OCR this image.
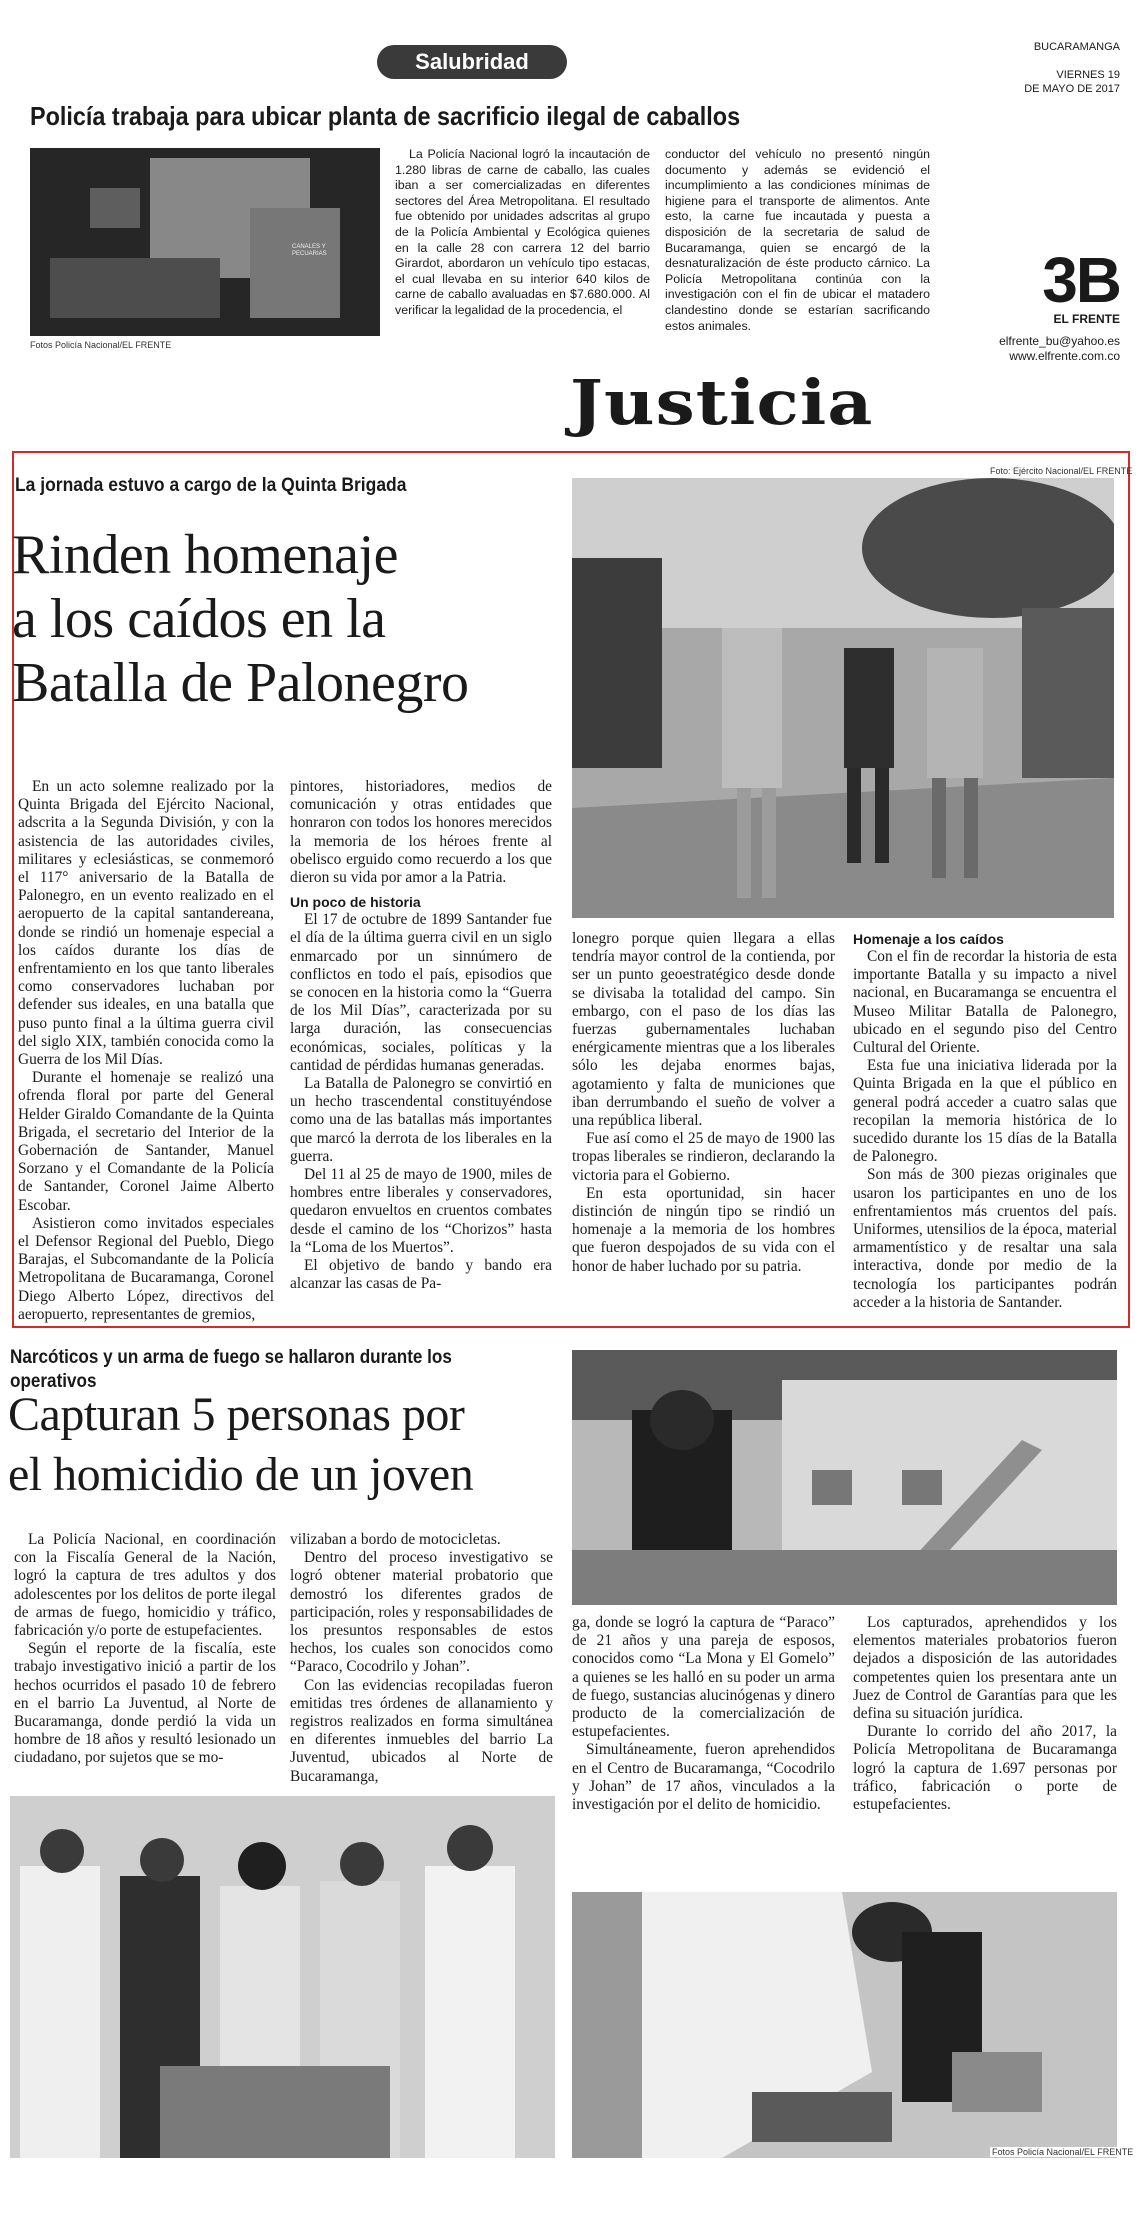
BUCARAMANGA
VIERNES 19
DE MAYO DE 2017
3B
EL FRENTE
elfrente_bu@yahoo.es
www.elfrente.com.co
Justicia
Salubridad
Policía trabaja para ubicar planta de sacrificio ilegal de caballos
CANALES Y PECUARIAS
Fotos Policía Nacional/EL FRENTE

La Policía Nacional logró la incautación de 1.280 libras de carne de caballo, las cuales iban a ser comercializadas en diferentes sectores del Área Metropolitana. El resultado fue obtenido por unidades adscritas al grupo de la Policía Ambiental y Ecológica quienes en la calle 28 con carrera 12 del barrio Girardot, abordaron un vehículo tipo estacas, el cual llevaba en su interior 640 kilos de carne de caballo avaluadas en $7.680.000. Al verificar la legalidad de la procedencia, el

conductor del vehículo no presentó ningún documento y además se evidenció el incumplimiento a las condiciones mínimas de higiene para el transporte de alimentos. Ante esto, la carne fue incautada y puesta a disposición de la secretaria de salud de Bucaramanga, quien se encargó de la desnaturalización de éste producto cárnico. La Policía Metropolitana continúa con la investigación con el fin de ubicar el matadero clandestino donde se estarían sacrificando estos animales.

La jornada estuvo a cargo de la Quinta Brigada
Rinden homenaje
a los caídos en la
Batalla de Palonegro
Foto: Ejército Nacional/EL FRENTE

En un acto solemne realizado por la Quinta Brigada del Ejército Nacional, adscrita a la Segunda División, y con la asistencia de las autoridades civiles, militares y eclesiásticas, se conmemoró el 117° aniversario de la Batalla de Palonegro, en un evento realizado en el aeropuerto de la capital santandereana, donde se rindió un homenaje especial a los caídos durante los días de enfrentamiento en los que tanto liberales como conservadores luchaban por defender sus ideales, en una batalla que puso punto final a la última guerra civil del siglo XIX, también conocida como la Guerra de los Mil Días.

Durante el homenaje se realizó una ofrenda floral por parte del General Helder Giraldo Comandante de la Quinta Brigada, el secretario del Interior de la Gobernación de Santander, Manuel Sorzano y el Comandante de la Policía de Santander, Coronel Jaime Alberto Escobar.

Asistieron como invitados especiales el Defensor Regional del Pueblo, Diego Barajas, el Subcomandante de la Policía Metropolitana de Bucaramanga, Coronel Diego Alberto López, directivos del aeropuerto, representantes de gremios,

pintores, historiadores, medios de comunicación y otras entidades que honraron con todos los honores merecidos la memoria de los héroes frente al obelisco erguido como recuerdo a los que dieron su vida por amor a la Patria.

Un poco de historia

El 17 de octubre de 1899 Santander fue el día de la última guerra civil en un siglo enmarcado por un sinnúmero de conflictos en todo el país, episodios que se conocen en la historia como la “Guerra de los Mil Días”, caracterizada por su larga duración, las consecuencias económicas, sociales, políticas y la cantidad de pérdidas humanas generadas.

La Batalla de Palonegro se convirtió en un hecho trascendental constituyéndose como una de las batallas más importantes que marcó la derrota de los liberales en la guerra.

Del 11 al 25 de mayo de 1900, miles de hombres entre liberales y conservadores, quedaron envueltos en cruentos combates desde el camino de los “Chorizos” hasta la “Loma de los Muertos”.

El objetivo de bando y bando era alcanzar las casas de Pa-

lonegro porque quien llegara a ellas tendría mayor control de la contienda, por ser un punto geoestratégico desde donde se divisaba la totalidad del campo. Sin embargo, con el paso de los días las fuerzas gubernamentales luchaban enérgicamente mientras que a los liberales sólo les dejaba enormes bajas, agotamiento y falta de municiones que iban derrumbando el sueño de volver a una república liberal.

Fue así como el 25 de mayo de 1900 las tropas liberales se rindieron, declarando la victoria para el Gobierno.

En esta oportunidad, sin hacer distinción de ningún tipo se rindió un homenaje a la memoria de los hombres que fueron despojados de su vida con el honor de haber luchado por su patria.

Homenaje a los caídos

Con el fin de recordar la historia de esta importante Batalla y su impacto a nivel nacional, en Bucaramanga se encuentra el Museo Militar Batalla de Palonegro, ubicado en el segundo piso del Centro Cultural del Oriente.

Esta fue una iniciativa liderada por la Quinta Brigada en la que el público en general podrá acceder a cuatro salas que recopilan la memoria histórica de lo sucedido durante los 15 días de la Batalla de Palonegro.

Son más de 300 piezas originales que usaron los participantes en uno de los enfrentamientos más cruentos del país. Uniformes, utensilios de la época, material armamentístico y de resaltar una sala interactiva, donde por medio de la tecnología los participantes podrán acceder a la historia de Santander.

Narcóticos y un arma de fuego se hallaron durante los operativos
Capturan 5 personas por
el homicidio de un joven

La Policía Nacional, en coordinación con la Fiscalía General de la Nación, logró la captura de tres adultos y dos adolescentes por los delitos de porte ilegal de armas de fuego, homicidio y tráfico, fabricación y/o porte de estupefacientes.

Según el reporte de la fiscalía, este trabajo investigativo inició a partir de los hechos ocurridos el pasado 10 de febrero en el barrio La Juventud, al Norte de Bucaramanga, donde perdió la vida un hombre de 18 años y resultó lesionado un ciudadano, por sujetos que se mo-

vilizaban a bordo de motocicletas.

Dentro del proceso investigativo se logró obtener material probatorio que demostró los diferentes grados de participación, roles y responsabilidades de los presuntos responsables de estos hechos, los cuales son conocidos como “Paraco, Cocodrilo y Johan”.

Con las evidencias recopiladas fueron emitidas tres órdenes de allanamiento y registros realizados en forma simultánea en diferentes inmuebles del barrio La Juventud, ubicados al Norte de Bucaramanga,

ga, donde se logró la captura de “Paraco” de 21 años y una pareja de esposos, conocidos como “La Mona y El Gomelo” a quienes se les halló en su poder un arma de fuego, sustancias alucinógenas y dinero producto de la comercialización de estupefacientes.

Simultáneamente, fueron aprehendidos en el Centro de Bucaramanga, “Cocodrilo y Johan” de 17 años, vinculados a la investigación por el delito de homicidio.

Los capturados, aprehendidos y los elementos materiales probatorios fueron dejados a disposición de las autoridades competentes quien los presentara ante un Juez de Control de Garantías para que les defina su situación jurídica.

Durante lo corrido del año 2017, la Policía Metropolitana de Bucaramanga logró la captura de 1.697 personas por tráfico, fabricación o porte de estupefacientes.

Fotos Policía Nacional/EL FRENTE
